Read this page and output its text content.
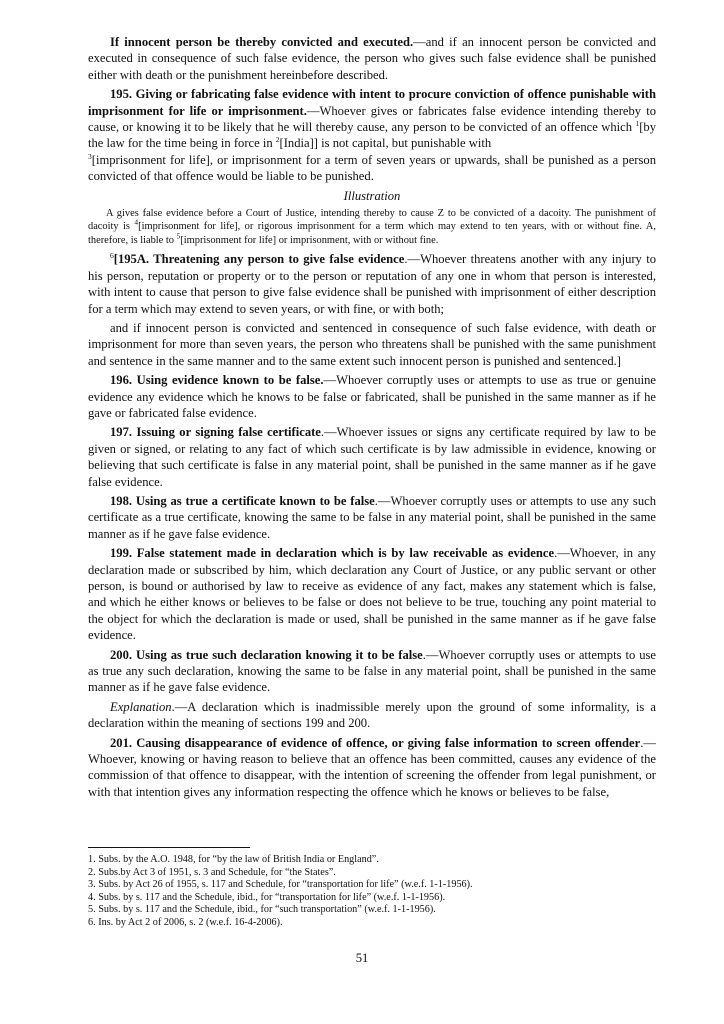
If innocent person be thereby convicted and executed.—and if an innocent person be convicted and executed in consequence of such false evidence, the person who gives such false evidence shall be punished either with death or the punishment hereinbefore described.

195. Giving or fabricating false evidence with intent to procure conviction of offence punishable with imprisonment for life or imprisonment.—Whoever gives or fabricates false evidence intending thereby to cause, or knowing it to be likely that he will thereby cause, any person to be convicted of an offence which $^1$[by the law for the time being in force in $^2$[India]] is not capital, but punishable with
$^3$[imprisonment for life], or imprisonment for a term of seven years or upwards, shall be punished as a person convicted of that offence would be liable to be punished.

Illustration

A gives false evidence before a Court of Justice, intending thereby to cause Z to be convicted of a dacoity. The punishment of dacoity is $^4$[imprisonment for life], or rigorous imprisonment for a term which may extend to ten years, with or without fine. A, therefore, is liable to $^5$[imprisonment for life] or imprisonment, with or without fine.

$^6$[195A. Threatening any person to give false evidence.—Whoever threatens another with any injury to his person, reputation or property or to the person or reputation of any one in whom that person is interested, with intent to cause that person to give false evidence shall be punished with imprisonment of either description for a term which may extend to seven years, or with fine, or with both;

and if innocent person is convicted and sentenced in consequence of such false evidence, with death or imprisonment for more than seven years, the person who threatens shall be punished with the same punishment and sentence in the same manner and to the same extent such innocent person is punished and sentenced.]

196. Using evidence known to be false.—Whoever corruptly uses or attempts to use as true or genuine evidence any evidence which he knows to be false or fabricated, shall be punished in the same manner as if he gave or fabricated false evidence.

197. Issuing or signing false certificate.—Whoever issues or signs any certificate required by law to be given or signed, or relating to any fact of which such certificate is by law admissible in evidence, knowing or believing that such certificate is false in any material point, shall be punished in the same manner as if he gave false evidence.

198. Using as true a certificate known to be false.—Whoever corruptly uses or attempts to use any such certificate as a true certificate, knowing the same to be false in any material point, shall be punished in the same manner as if he gave false evidence.

199. False statement made in declaration which is by law receivable as evidence.—Whoever, in any declaration made or subscribed by him, which declaration any Court of Justice, or any public servant or other person, is bound or authorised by law to receive as evidence of any fact, makes any statement which is false, and which he either knows or believes to be false or does not believe to be true, touching any point material to the object for which the declaration is made or used, shall be punished in the same manner as if he gave false evidence.

200. Using as true such declaration knowing it to be false.—Whoever corruptly uses or attempts to use as true any such declaration, knowing the same to be false in any material point, shall be punished in the same manner as if he gave false evidence.

Explanation.—A declaration which is inadmissible merely upon the ground of some informality, is a declaration within the meaning of sections 199 and 200.

201. Causing disappearance of evidence of offence, or giving false information to screen offender.—Whoever, knowing or having reason to believe that an offence has been committed, causes any evidence of the commission of that offence to disappear, with the intention of screening the offender from legal punishment, or with that intention gives any information respecting the offence which he knows or believes to be false,

1. Subs. by the A.O. 1948, for “by the law of British India or England”.

2. Subs.by Act 3 of 1951, s. 3 and Schedule, for “the States”.

3. Subs. by Act 26 of 1955, s. 117 and Schedule, for “transportation for life” (w.e.f. 1-1-1956).

4. Subs. by s. 117 and the Schedule, ibid., for “transportation for life” (w.e.f. 1-1-1956).

5. Subs. by s. 117 and the Schedule, ibid., for “such transportation” (w.e.f. 1-1-1956).

6. Ins. by Act 2 of 2006, s. 2 (w.e.f. 16-4-2006).

51
